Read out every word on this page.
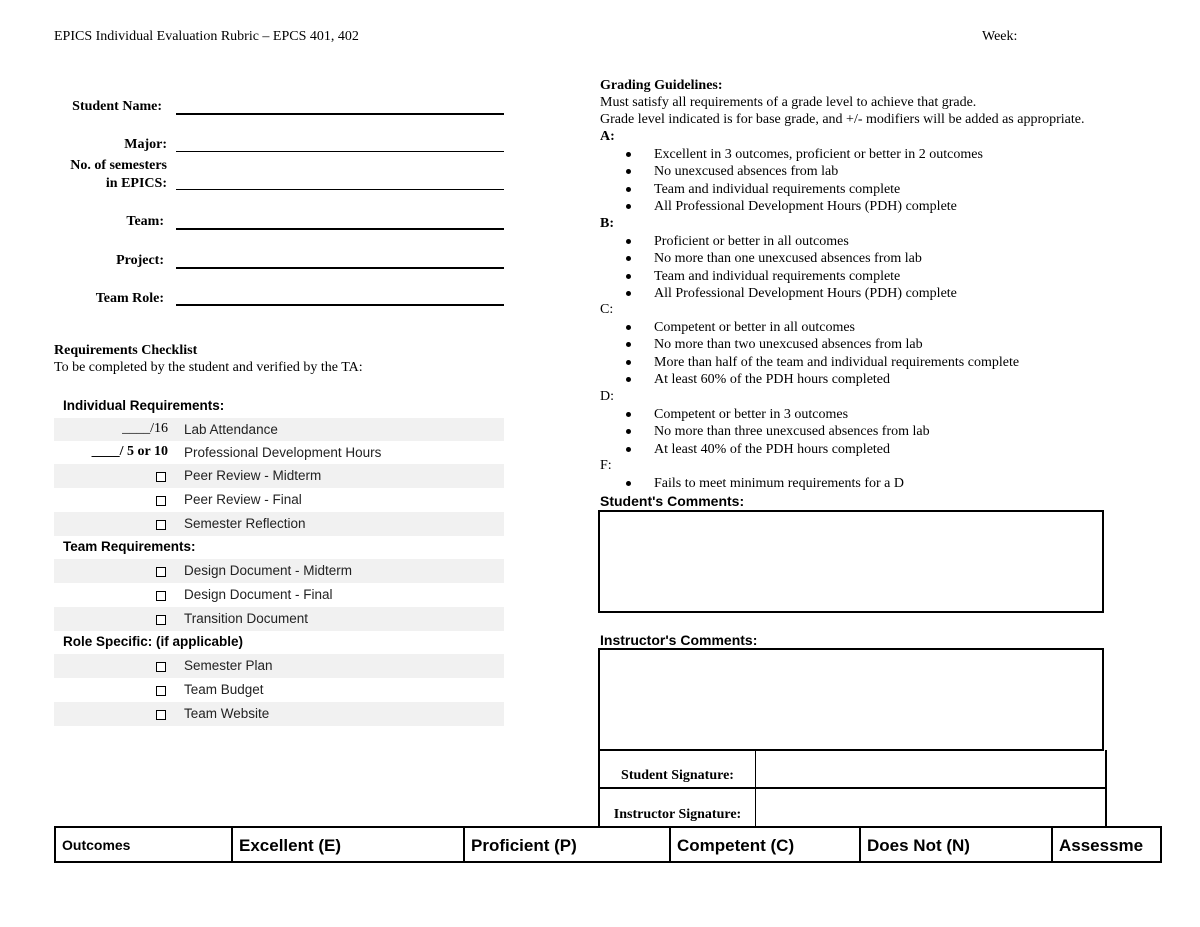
EPICS Individual Evaluation Rubric – EPCS 401, 402	Week:
Student Name:
Major:
No. of semesters
in EPICS:
Team:
Project:
Team Role:
Requirements Checklist
To be completed by the student and verified by the TA:
Individual Requirements:
____/16 Lab Attendance
____/ 5 or 10 Professional Development Hours
Peer Review - Midterm
Peer Review - Final
Semester Reflection
Team Requirements:
Design Document - Midterm
Design Document - Final
Transition Document
Role Specific: (if applicable)
Semester Plan
Team Budget
Team Website
Grading Guidelines:
Must satisfy all requirements of a grade level to achieve that grade.
Grade level indicated is for base grade, and +/- modifiers will be added as appropriate.
A:
Excellent in 3 outcomes, proficient or better in 2 outcomes
No unexcused absences from lab
Team and individual requirements complete
All Professional Development Hours (PDH) complete
B:
Proficient or better in all outcomes
No more than one unexcused absences from lab
Team and individual requirements complete
All Professional Development Hours (PDH) complete
C:
Competent or better in all outcomes
No more than two unexcused absences from lab
More than half of the team and individual requirements complete
At least 60% of the PDH hours completed
D:
Competent or better in 3 outcomes
No more than three unexcused absences from lab
At least 40% of the PDH hours completed
F:
Fails to meet minimum requirements for a D
Student's Comments:
Instructor's Comments:
Student Signature:
Instructor Signature:
Outcomes	Excellent (E)	Proficient (P)	Competent (C)	Does Not (N)	Assessme
